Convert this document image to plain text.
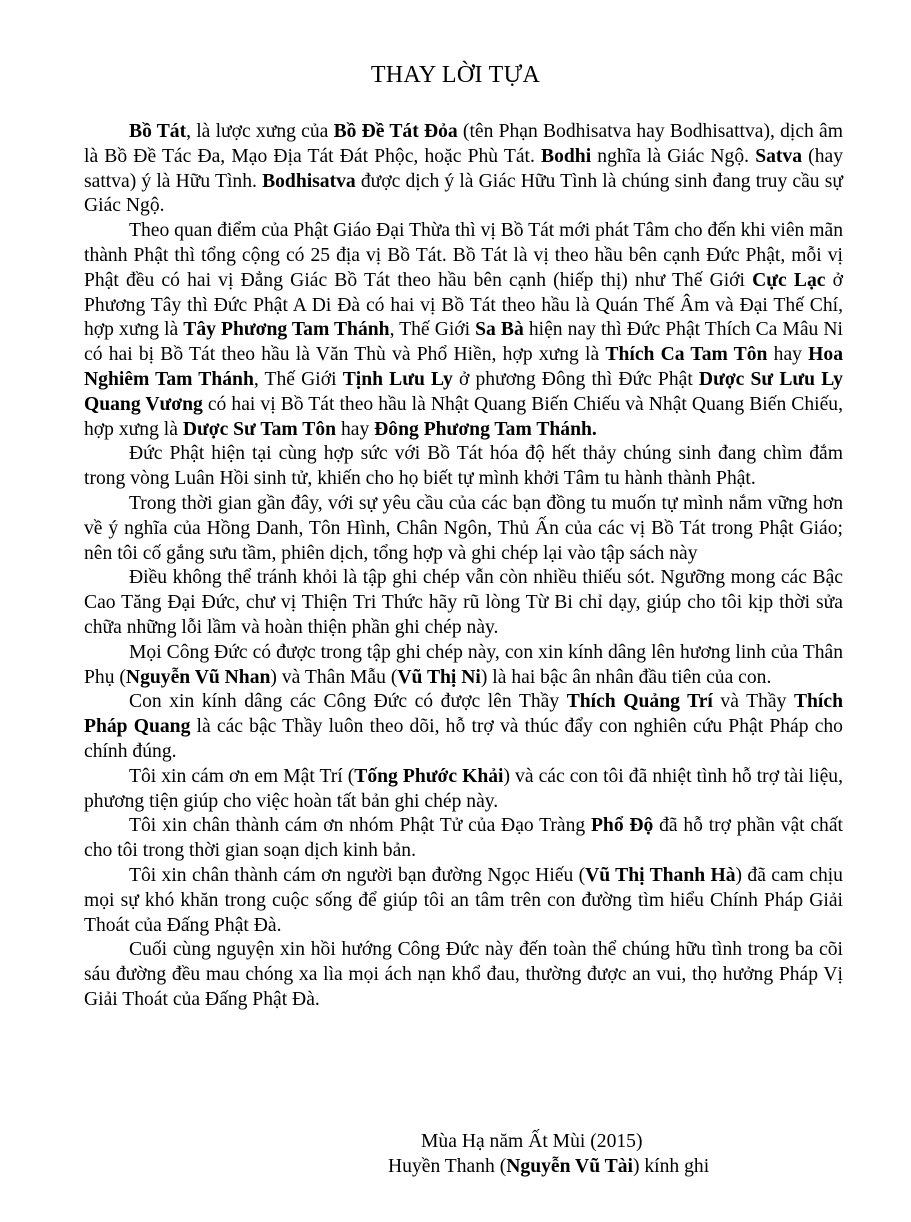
THAY LỜI TỰA

Bồ Tát, là lược xưng của Bồ Đề Tát Đỏa (tên Phạn Bodhisatva hay Bodhisattva), dịch âm là Bồ Đề Tác Đa, Mạo Địa Tát Đát Phộc, hoặc Phù Tát. Bodhi nghĩa là Giác Ngộ. Satva (hay sattva) ý là Hữu Tình. Bodhisatva được dịch ý là Giác Hữu Tình là chúng sinh đang truy cầu sự Giác Ngộ.

Theo quan điểm của Phật Giáo Đại Thừa thì vị Bồ Tát mới phát Tâm cho đến khi viên mãn thành Phật thì tổng cộng có 25 địa vị Bồ Tát. Bồ Tát là vị theo hầu bên cạnh Đức Phật, mỗi vị Phật đều có hai vị Đẳng Giác Bồ Tát theo hầu bên cạnh (hiếp thị) như Thế Giới Cực Lạc ở Phương Tây thì Đức Phật A Di Đà có hai vị Bồ Tát theo hầu là Quán Thế Âm và Đại Thế Chí, hợp xưng là Tây Phương Tam Thánh, Thế Giới Sa Bà hiện nay thì Đức Phật Thích Ca Mâu Ni có hai bị Bồ Tát theo hầu là Văn Thù và Phổ Hiền, hợp xưng là Thích Ca Tam Tôn hay Hoa Nghiêm Tam Thánh, Thế Giới Tịnh Lưu Ly ở phương Đông thì Đức Phật Dược Sư Lưu Ly Quang Vương có hai vị Bồ Tát theo hầu là Nhật Quang Biến Chiếu và Nhật Quang Biến Chiếu, hợp xưng là Dược Sư Tam Tôn hay Đông Phương Tam Thánh.

Đức Phật hiện tại cùng hợp sức với Bồ Tát hóa độ hết thảy chúng sinh đang chìm đắm trong vòng Luân Hồi sinh tử, khiến cho họ biết tự mình khởi Tâm tu hành thành Phật.

Trong thời gian gần đây, với sự yêu cầu của các bạn đồng tu muốn tự mình nắm vững hơn về ý nghĩa của Hồng Danh, Tôn Hình, Chân Ngôn, Thủ Ấn của các vị Bồ Tát trong Phật Giáo; nên tôi cố gắng sưu tầm, phiên dịch, tổng hợp và ghi chép lại vào tập sách này

Điều không thể tránh khỏi là tập ghi chép vẫn còn nhiều thiếu sót. Ngưỡng mong các Bậc Cao Tăng Đại Đức, chư vị Thiện Tri Thức hãy rũ lòng Từ Bi chỉ dạy, giúp cho tôi kịp thời sửa chữa những lỗi lầm và hoàn thiện phần ghi chép này.

Mọi Công Đức có được trong tập ghi chép này, con xin kính dâng lên hương linh của Thân Phụ (Nguyễn Vũ Nhan) và Thân Mẫu (Vũ Thị Ni) là hai bậc ân nhân đầu tiên của con.

Con xin kính dâng các Công Đức có được lên Thầy Thích Quảng Trí và Thầy Thích Pháp Quang là các bậc Thầy luôn theo dõi, hỗ trợ và thúc đẩy con nghiên cứu Phật Pháp cho chính đúng.

Tôi xin cám ơn em Mật Trí (Tống Phước Khải) và các con tôi đã nhiệt tình hỗ trợ tài liệu, phương tiện giúp cho việc hoàn tất bản ghi chép này.

Tôi xin chân thành cám ơn nhóm Phật Tử của Đạo Tràng Phổ Độ đã hỗ trợ phần vật chất cho tôi trong thời gian soạn dịch kinh bản.

Tôi xin chân thành cám ơn người bạn đường Ngọc Hiếu (Vũ Thị Thanh Hà) đã cam chịu mọi sự khó khăn trong cuộc sống để giúp tôi an tâm trên con đường tìm hiểu Chính Pháp Giải Thoát của Đấng Phật Đà.

Cuối cùng nguyện xin hồi hướng Công Đức này đến toàn thể chúng hữu tình trong ba cõi sáu đường đều mau chóng xa lìa mọi ách nạn khổ đau, thường được an vui, thọ hưởng Pháp Vị Giải Thoát của Đấng Phật Đà.

Mùa Hạ năm Ất Mùi (2015)
Huyền Thanh (Nguyễn Vũ Tài) kính ghi
